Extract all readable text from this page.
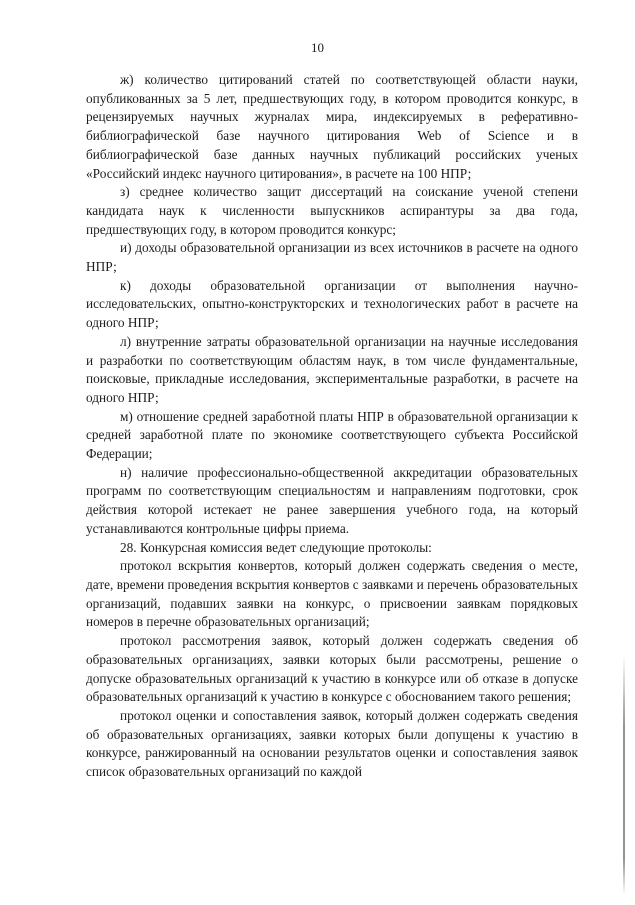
10

ж) количество цитирований статей по соответствующей области науки, опубликованных за 5 лет, предшествующих году, в котором проводится конкурс, в рецензируемых научных журналах мира, индексируемых в реферативно-библиографической базе научного цитирования Web of Science и в библиографической базе данных научных публикаций российских ученых «Российский индекс научного цитирования», в расчете на 100 НПР;

з) среднее количество защит диссертаций на соискание ученой степени кандидата наук к численности выпускников аспирантуры за два года, предшествующих году, в котором проводится конкурс;

и) доходы образовательной организации из всех источников в расчете на одного НПР;

к) доходы образовательной организации от выполнения научно-исследовательских, опытно-конструкторских и технологических работ в расчете на одного НПР;

л) внутренние затраты образовательной организации на научные исследования и разработки по соответствующим областям наук, в том числе фундаментальные, поисковые, прикладные исследования, экспериментальные разработки, в расчете на одного НПР;

м) отношение средней заработной платы НПР в образовательной организации к средней заработной плате по экономике соответствующего субъекта Российской Федерации;

н) наличие профессионально-общественной аккредитации образовательных программ по соответствующим специальностям и направлениям подготовки, срок действия которой истекает не ранее завершения учебного года, на который устанавливаются контрольные цифры приема.

28. Конкурсная комиссия ведет следующие протоколы:

протокол вскрытия конвертов, который должен содержать сведения о месте, дате, времени проведения вскрытия конвертов с заявками и перечень образовательных организаций, подавших заявки на конкурс, о присвоении заявкам порядковых номеров в перечне образовательных организаций;

протокол рассмотрения заявок, который должен содержать сведения об образовательных организациях, заявки которых были рассмотрены, решение о допуске образовательных организаций к участию в конкурсе или об отказе в допуске образовательных организаций к участию в конкурсе с обоснованием такого решения;

протокол оценки и сопоставления заявок, который должен содержать сведения об образовательных организациях, заявки которых были допущены к участию в конкурсе, ранжированный на основании результатов оценки и сопоставления заявок список образовательных организаций по каждой
